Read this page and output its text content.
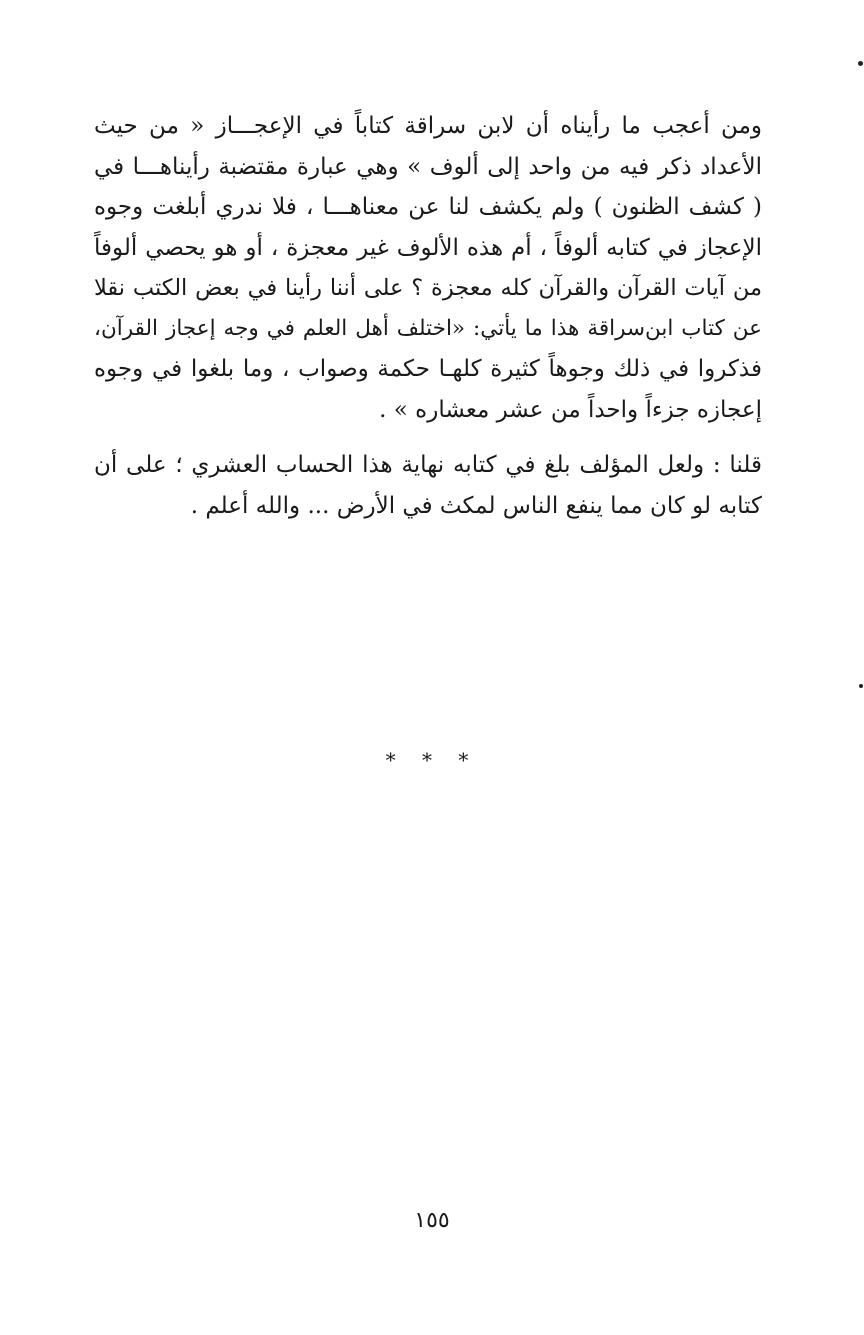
ومن أعجب ما رأيناه أن لابن سراقة كتاباً في الإعجـــاز « من حيث
الأعداد ذكر فيه من واحد إلى ألوف » وهي عبارة مقتضبة رأيناهـــا في
( كشف الظنون ) ولم يكشف لنا عن معناهـــا ، فلا ندري أبلغت وجوه
الإعجاز في كتابه ألوفاً ، أم هذه الألوف غير معجزة ، أو هو يحصي ألوفاً
من آيات القرآن والقرآن كله معجزة ؟ على أننا رأينا في بعض الكتب نقلا
عن كتاب ابن‌سراقة هذا ما يأتي: «اختلف أهل العلم في وجه إعجاز القرآن،
فذكروا في ذلك وجوهاً كثيرة كلهـا حكمة وصواب ، وما بلغوا في وجوه
إعجازه جزءاً واحداً من عشر معشاره » .
قلنا : ولعل المؤلف بلغ في كتابه نهاية هذا الحساب العشري ؛ على أن
كتابه لو كان مما ينفع الناس لمكث في الأرض ... والله أعلم .
* * *
١٥٥
